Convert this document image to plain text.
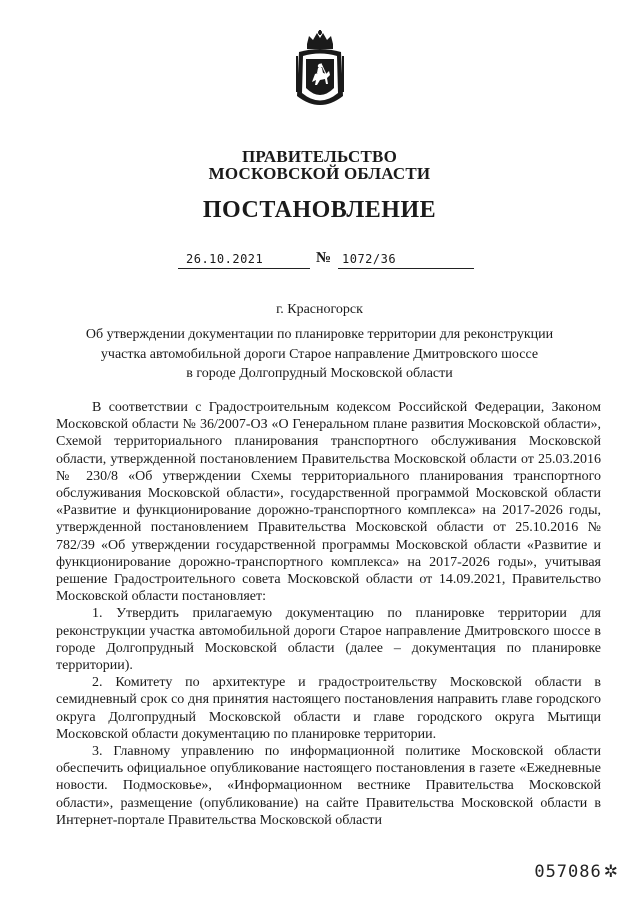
ПРАВИТЕЛЬСТВО
МОСКОВСКОЙ ОБЛАСТИ
ПОСТАНОВЛЕНИЕ
26.10.2021	№ 1072/36
г. Красногорск
Об утверждении документации по планировке территории для реконструкции
участка автомобильной дороги Старое направление Дмитровского шоссе
в городе Долгопрудный Московской области

В соответствии с Градостроительным кодексом Российской Федерации, Законом Московской области № 36/2007-ОЗ «О Генеральном плане развития Московской области», Схемой территориального планирования транспортного обслуживания Московской области, утвержденной постановлением Правительства Московской области от 25.03.2016 № 230/8 «Об утверждении Схемы территориального планирования транспортного обслуживания Московской области», государственной программой Московской области «Развитие и функционирование дорожно-транспортного комплекса» на 2017-2026 годы, утвержденной постановлением Правительства Московской области от 25.10.2016 № 782/39 «Об утверждении государственной программы Московской области «Развитие и функционирование дорожно-транспортного комплекса» на 2017-2026 годы», учитывая решение Градостроительного совета Московской области от 14.09.2021, Правительство Московской области постановляет:

1. Утвердить прилагаемую документацию по планировке территории для реконструкции участка автомобильной дороги Старое направление Дмитровского шоссе в городе Долгопрудный Московской области (далее – документация по планировке территории).

2. Комитету по архитектуре и градостроительству Московской области в семидневный срок со дня принятия настоящего постановления направить главе городского округа Долгопрудный Московской области и главе городского округа Мытищи Московской области документацию по планировке территории.

3. Главному управлению по информационной политике Московской области обеспечить официальное опубликование настоящего постановления в газете «Ежедневные новости. Подмосковье», «Информационном вестнике Правительства Московской области», размещение (опубликование) на сайте Правительства Московской области в Интернет-портале Правительства Московской области

057086 ✲
